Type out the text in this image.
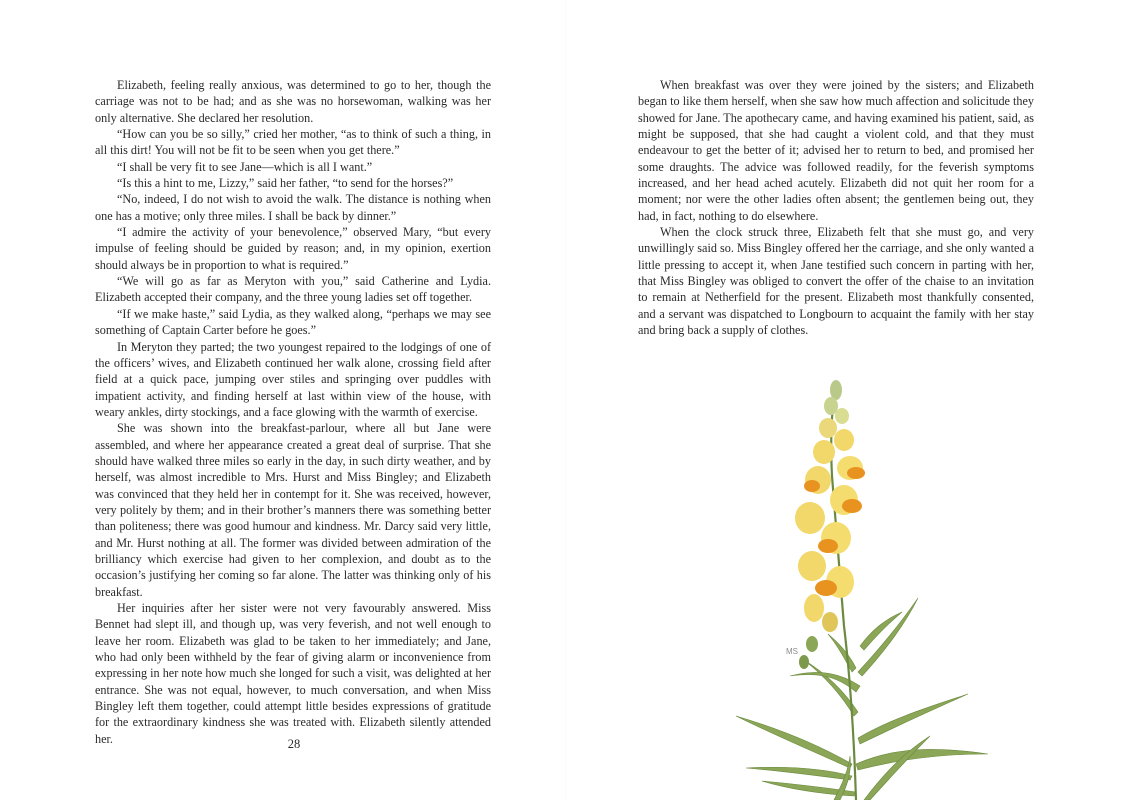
Elizabeth, feeling really anxious, was determined to go to her, though the carriage was not to be had; and as she was no horsewoman, walking was her only alternative. She declared her resolution.

“How can you be so silly,” cried her mother, “as to think of such a thing, in all this dirt! You will not be fit to be seen when you get there.”

“I shall be very fit to see Jane—which is all I want.”

“Is this a hint to me, Lizzy,” said her father, “to send for the horses?”

“No, indeed, I do not wish to avoid the walk. The distance is nothing when one has a motive; only three miles. I shall be back by dinner.”

“I admire the activity of your benevolence,” observed Mary, “but every impulse of feeling should be guided by reason; and, in my opinion, exertion should always be in proportion to what is required.”

“We will go as far as Meryton with you,” said Catherine and Lydia. Elizabeth accepted their company, and the three young ladies set off together.

“If we make haste,” said Lydia, as they walked along, “perhaps we may see something of Captain Carter before he goes.”

In Meryton they parted; the two youngest repaired to the lodgings of one of the officers’ wives, and Elizabeth continued her walk alone, crossing field after field at a quick pace, jumping over stiles and springing over puddles with impatient activity, and finding herself at last within view of the house, with weary ankles, dirty stockings, and a face glowing with the warmth of exercise.

She was shown into the breakfast-parlour, where all but Jane were assembled, and where her appearance created a great deal of surprise. That she should have walked three miles so early in the day, in such dirty weather, and by herself, was almost incredible to Mrs. Hurst and Miss Bingley; and Elizabeth was convinced that they held her in contempt for it. She was received, however, very politely by them; and in their brother’s manners there was something better than politeness; there was good humour and kindness. Mr. Darcy said very little, and Mr. Hurst nothing at all. The former was divided between admiration of the brilliancy which exercise had given to her complexion, and doubt as to the occasion’s justifying her coming so far alone. The latter was thinking only of his breakfast.

Her inquiries after her sister were not very favourably answered. Miss Bennet had slept ill, and though up, was very feverish, and not well enough to leave her room. Elizabeth was glad to be taken to her immediately; and Jane, who had only been withheld by the fear of giving alarm or inconvenience from expressing in her note how much she longed for such a visit, was delighted at her entrance. She was not equal, however, to much conversation, and when Miss Bingley left them together, could attempt little besides expressions of gratitude for the extraordinary kindness she was treated with. Elizabeth silently attended her.	28

When breakfast was over they were joined by the sisters; and Elizabeth began to like them herself, when she saw how much affection and solicitude they showed for Jane. The apothecary came, and having examined his patient, said, as might be supposed, that she had caught a violent cold, and that they must endeavour to get the better of it; advised her to return to bed, and promised her some draughts. The advice was followed readily, for the feverish symptoms increased, and her head ached acutely. Elizabeth did not quit her room for a moment; nor were the other ladies often absent; the gentlemen being out, they had, in fact, nothing to do elsewhere.

When the clock struck three, Elizabeth felt that she must go, and very unwillingly said so. Miss Bingley offered her the carriage, and she only wanted a little pressing to accept it, when Jane testified such concern in parting with her, that Miss Bingley was obliged to convert the offer of the chaise to an invitation to remain at Netherfield for the present. Elizabeth most thankfully consented, and a servant was dispatched to Longbourn to acquaint the family with her stay and bring back a supply of clothes.

MS
